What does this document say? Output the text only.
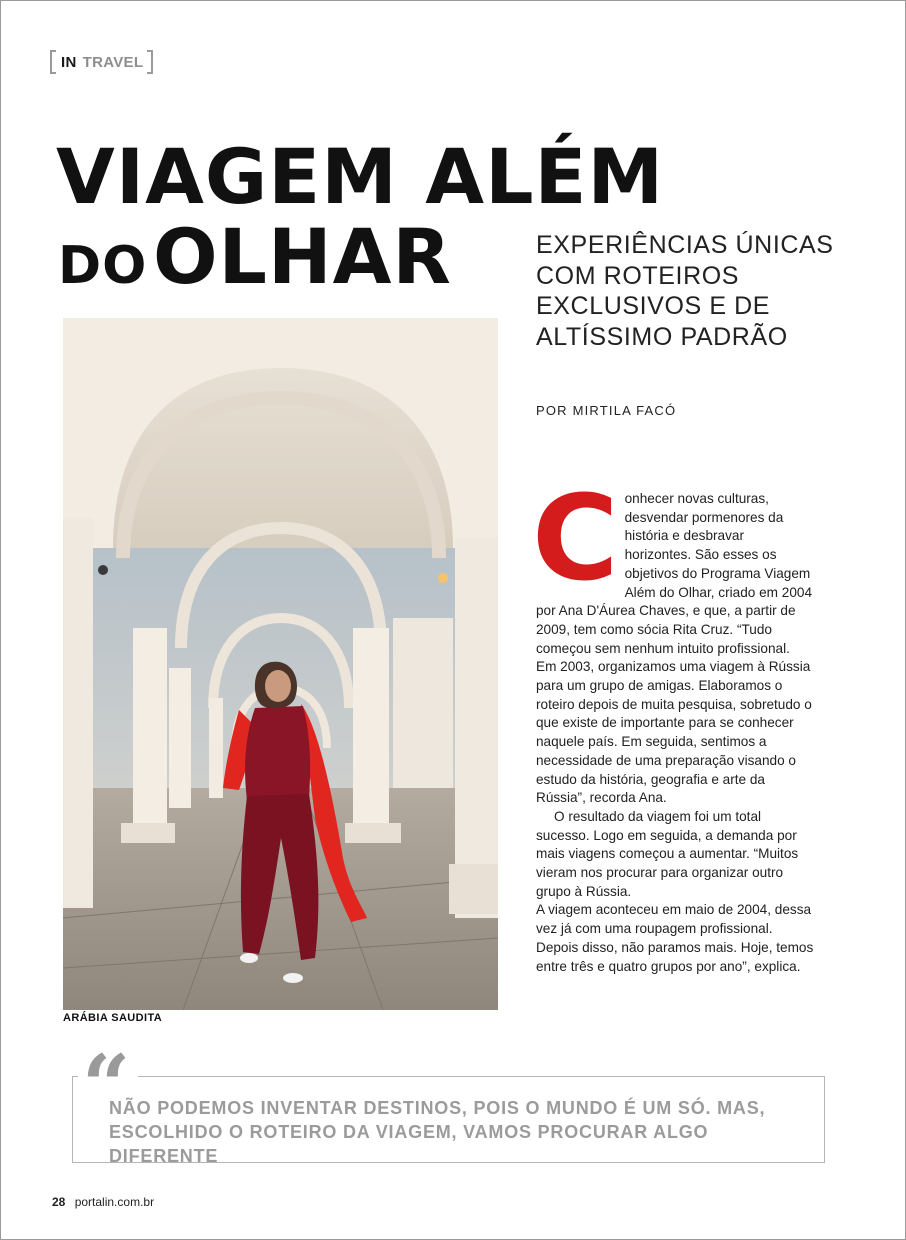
IN TRAVEL
VIAGEM ALÉM
DO OLHAR	EXPERIÊNCIAS ÚNICAS COM ROTEIROS EXCLUSIVOS E DE ALTÍSSIMO PADRÃO
POR MIRTILA FACÓ
ARÁBIA SAUDITA
C onhecer novas culturas, desvendar pormenores da história e desbravar horizontes. São esses os objetivos do Programa Viagem Além do Olhar, criado em 2004 por Ana D'Áurea Chaves, e que, a partir de 2009, tem como sócia Rita Cruz. “Tudo começou sem nenhum intuito profissional. Em 2003, organizamos uma viagem à Rússia para um grupo de amigas. Elaboramos o roteiro depois de muita pesquisa, sobretudo o que existe de importante para se conhecer naquele país. Em seguida, sentimos a necessidade de uma preparação visando o estudo da história, geografia e arte da Rússia”, recorda Ana.

O resultado da viagem foi um total sucesso. Logo em seguida, a demanda por mais viagens começou a aumentar. “Muitos vieram nos procurar para organizar outro grupo à Rússia.

A viagem aconteceu em maio de 2004, dessa vez já com uma roupagem profissional. Depois disso, não paramos mais. Hoje, temos entre três e quatro grupos por ano”, explica.

“
NÃO PODEMOS INVENTAR DESTINOS, POIS O MUNDO É UM SÓ. MAS, ESCOLHIDO O ROTEIRO DA VIAGEM, VAMOS PROCURAR ALGO DIFERENTE
28 portalin.com.br
